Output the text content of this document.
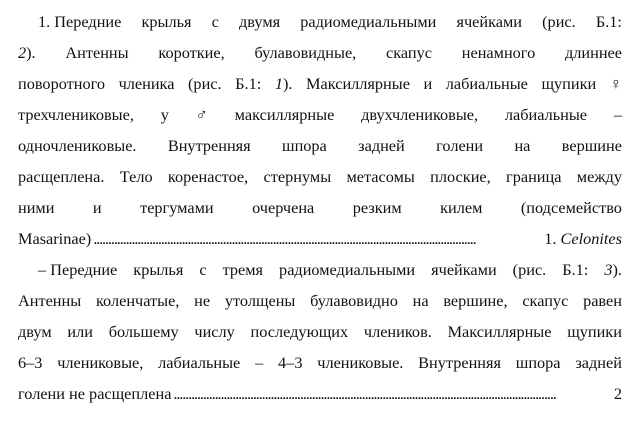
1. Передние крылья с двумя радиомедиальными ячейками (рис. Б.1:
2). Антенны короткие, булавовидные, скапус ненамного длиннее
поворотного членика (рис. Б.1: 1). Максиллярные и лабиальные щупики ♀
трехчлениковые, у ♂ максиллярные двухчлениковые, лабиальные –
одночлениковые. Внутренняя шпора задней голени на вершине
расщеплена. Тело коренастое, стернумы метасомы плоские, граница между
ними и тергумами очерчена резким килем (подсемейство
Masarinae) . . .	1. Celonites
– Передние крылья с тремя радиомедиальными ячейками (рис. Б.1: 3).
Антенны коленчатые, не утолщены булавовидно на вершине, скапус равен
двум или большему числу последующих члеников. Максиллярные щупики
6–3 члениковые, лабиальные – 4–3 члениковые. Внутренняя шпора задней
голени не расщеплена . . .	2
